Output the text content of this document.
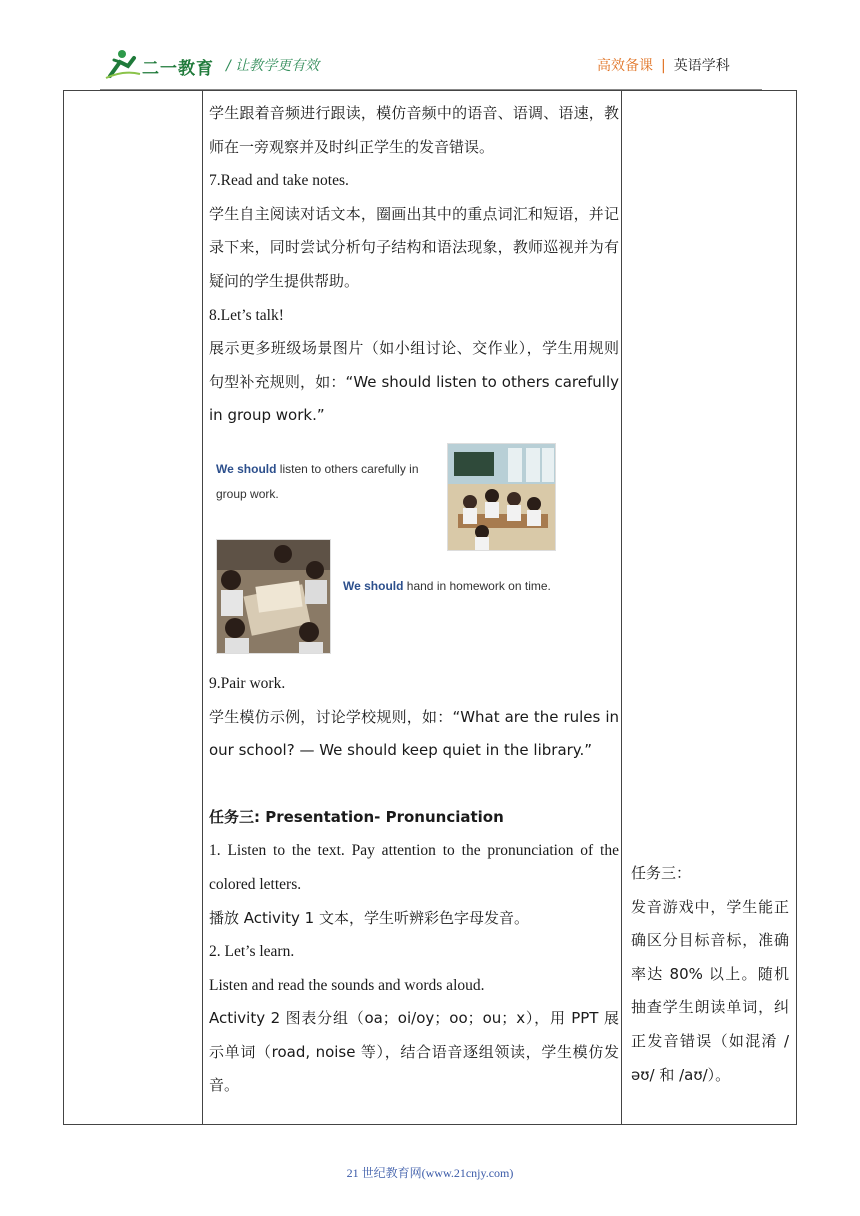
二一教育 / 让教学更有效	高效备课 | 英语学科

学生跟着音频进行跟读，模仿音频中的语音、语调、语速，教师在一旁观察并及时纠正学生的发音错误。

7.Read and take notes.

学生自主阅读对话文本，圈画出其中的重点词汇和短语，并记录下来，同时尝试分析句子结构和语法现象，教师巡视并为有疑问的学生提供帮助。

8.Let’s talk!

展示更多班级场景图片（如小组讨论、交作业），学生用规则句型补充规则，如：“We should listen to others carefully in group work.”

We should listen to others carefully in group work.
We should hand in homework on time.

9.Pair work.

学生模仿示例，讨论学校规则，如：“What are the rules in our school? — We should keep quiet in the library.”

任务三: Presentation- Pronunciation

1. Listen to the text. Pay attention to the pronunciation of the colored letters.

播放 Activity 1 文本，学生听辨彩色字母发音。

2. Let’s learn.

Listen and read the sounds and words aloud.

Activity 2 图表分组（oa；oi/oy；oo；ou；x），用 PPT 展示单词（road, noise 等），结合语音逐组领读，学生模仿发音。

任务三：

发音游戏中，学生能正确区分目标音标，准确率达 80% 以上。随机抽查学生朗读单词，纠正发音错误（如混淆 /əʊ/ 和 /aʊ/）。

21 世纪教育网(www.21cnjy.com)
